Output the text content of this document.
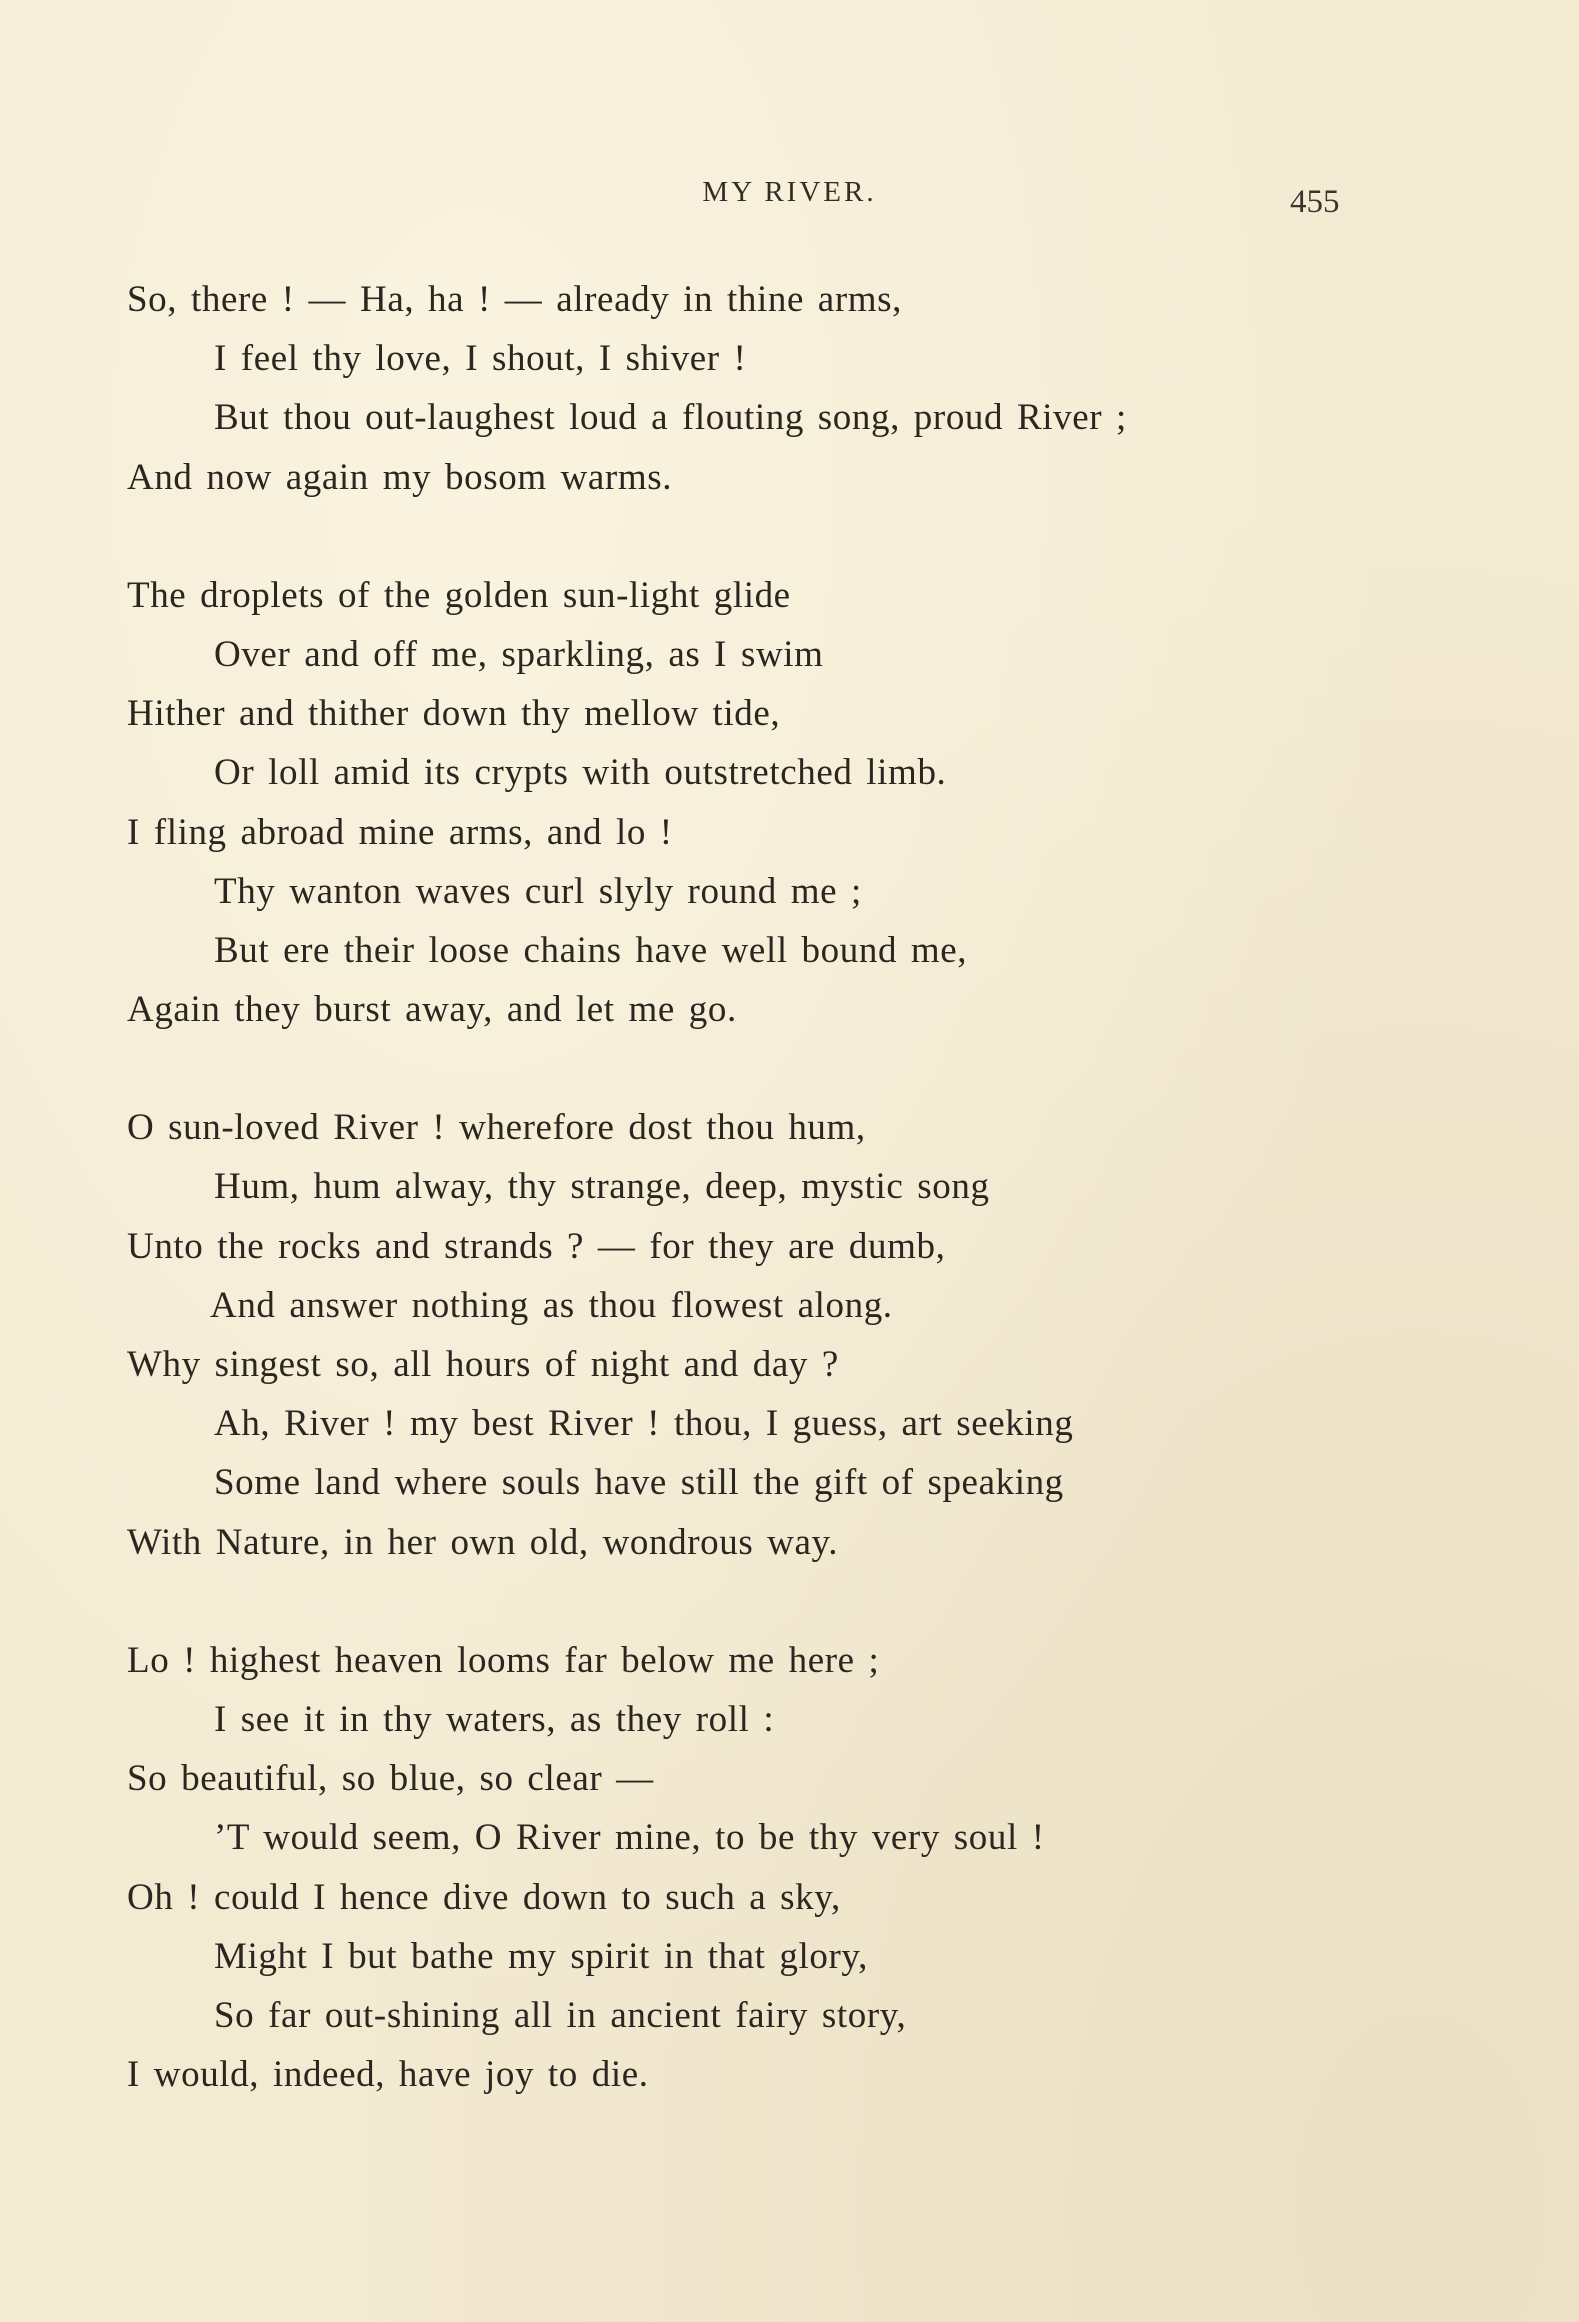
MY RIVER.	455
So, there ! — Ha, ha ! — already in thine arms,
I feel thy love, I shout, I shiver !
But thou out-laughest loud a flouting song, proud River ;
And now again my bosom warms.
The droplets of the golden sun-light glide
Over and off me, sparkling, as I swim
Hither and thither down thy mellow tide,
Or loll amid its crypts with outstretched limb.
I fling abroad mine arms, and lo !
Thy wanton waves curl slyly round me ;
But ere their loose chains have well bound me,
Again they burst away, and let me go.
O sun-loved River ! wherefore dost thou hum,
Hum, hum alway, thy strange, deep, mystic song
Unto the rocks and strands ? — for they are dumb,
And answer nothing as thou flowest along.
Why singest so, all hours of night and day ?
Ah, River ! my best River ! thou, I guess, art seeking
Some land where souls have still the gift of speaking
With Nature, in her own old, wondrous way.
Lo ! highest heaven looms far below me here ;
I see it in thy waters, as they roll :
So beautiful, so blue, so clear —
’T would seem, O River mine, to be thy very soul !
Oh ! could I hence dive down to such a sky,
Might I but bathe my spirit in that glory,
So far out-shining all in ancient fairy story,
I would, indeed, have joy to die.
